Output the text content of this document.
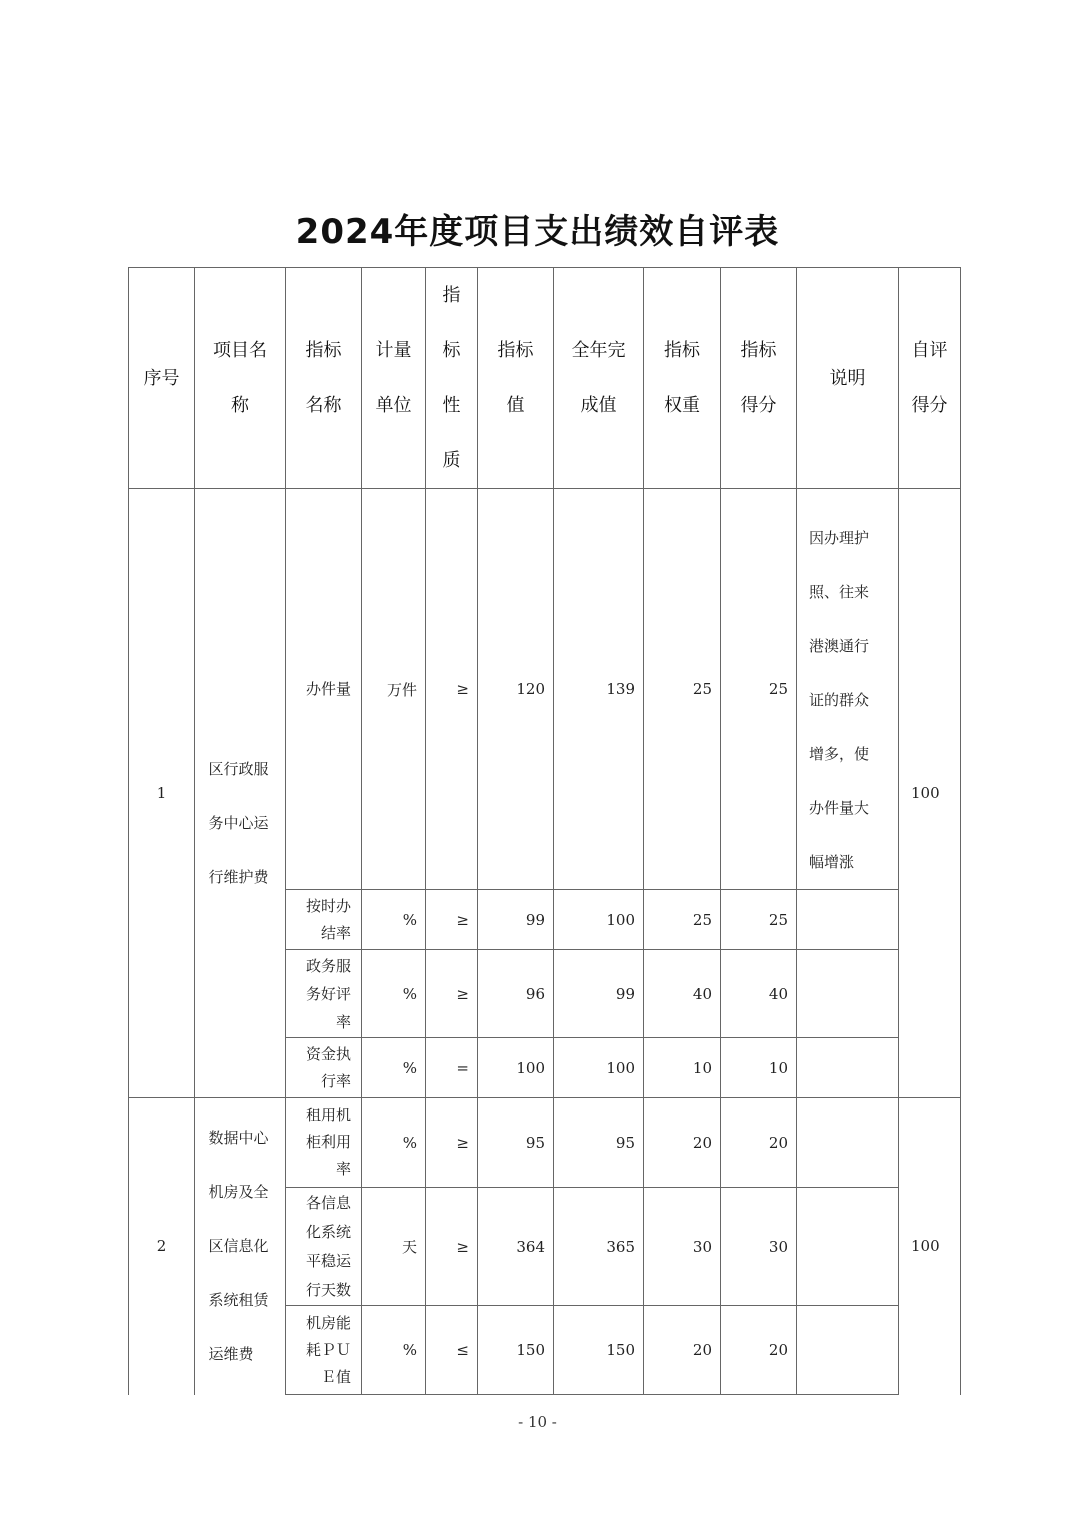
2024年度项目支出绩效自评表
序号	项目名称	指标名称	计量单位	指标性质	指标值	全年完成值	指标权重	指标得分	说明	自评得分
1	区行政服务中心运行维护费	办件量	万件	≥	120	139	25	25	因办理护照、往来港澳通行证的群众增多，使办件量大幅增涨	100
		按时办结率	%	≥	99	100	25	25		
		政务服务好评率	%	≥	96	99	40	40		
		资金执行率	%	=	100	100	10	10		
2	数据中心机房及全区信息化系统租赁运维费	租用机柜利用率	%	≥	95	95	20	20		100
		各信息化系统平稳运行天数	天	≥	364	365	30	30		
		机房能耗ＰＵＥ值	%	≤	150	150	20	20		
- 10 -
